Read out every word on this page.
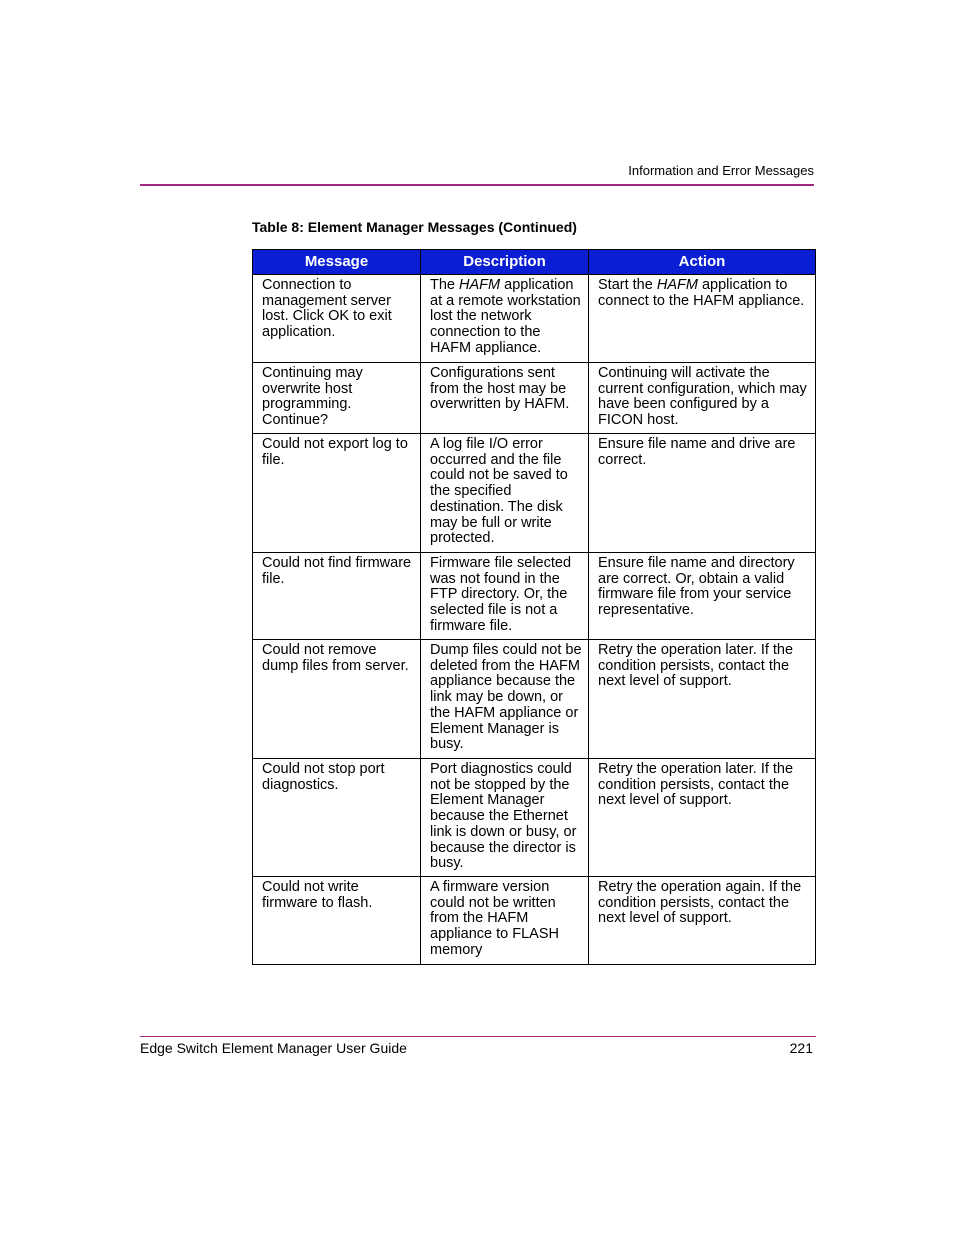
Information and Error Messages
Table 8: Element Manager Messages (Continued)
Message	Description	Action
Connection to management server lost. Click OK to exit application.	The HAFM application at a remote workstation lost the network connection to the HAFM appliance.	Start the HAFM application to connect to the HAFM appliance.
Continuing may overwrite host programming. Continue?	Configurations sent from the host may be overwritten by HAFM.	Continuing will activate the current configuration, which may have been configured by a FICON host.
Could not export log to file.	A log file I/O error occurred and the file could not be saved to the specified destination. The disk may be full or write protected.	Ensure file name and drive are correct.
Could not find firmware file.	Firmware file selected was not found in the FTP directory. Or, the selected file is not a firmware file.	Ensure file name and directory are correct. Or, obtain a valid firmware file from your service representative.
Could not remove dump files from server.	Dump files could not be deleted from the HAFM appliance because the link may be down, or the HAFM appliance or Element Manager is busy.	Retry the operation later. If the condition persists, contact the next level of support.
Could not stop port diagnostics.	Port diagnostics could not be stopped by the Element Manager because the Ethernet link is down or busy, or because the director is busy.	Retry the operation later. If the condition persists, contact the next level of support.
Could not write firmware to flash.	A firmware version could not be written from the HAFM appliance to FLASH memory	Retry the operation again. If the condition persists, contact the next level of support.
Edge Switch Element Manager User Guide	221
